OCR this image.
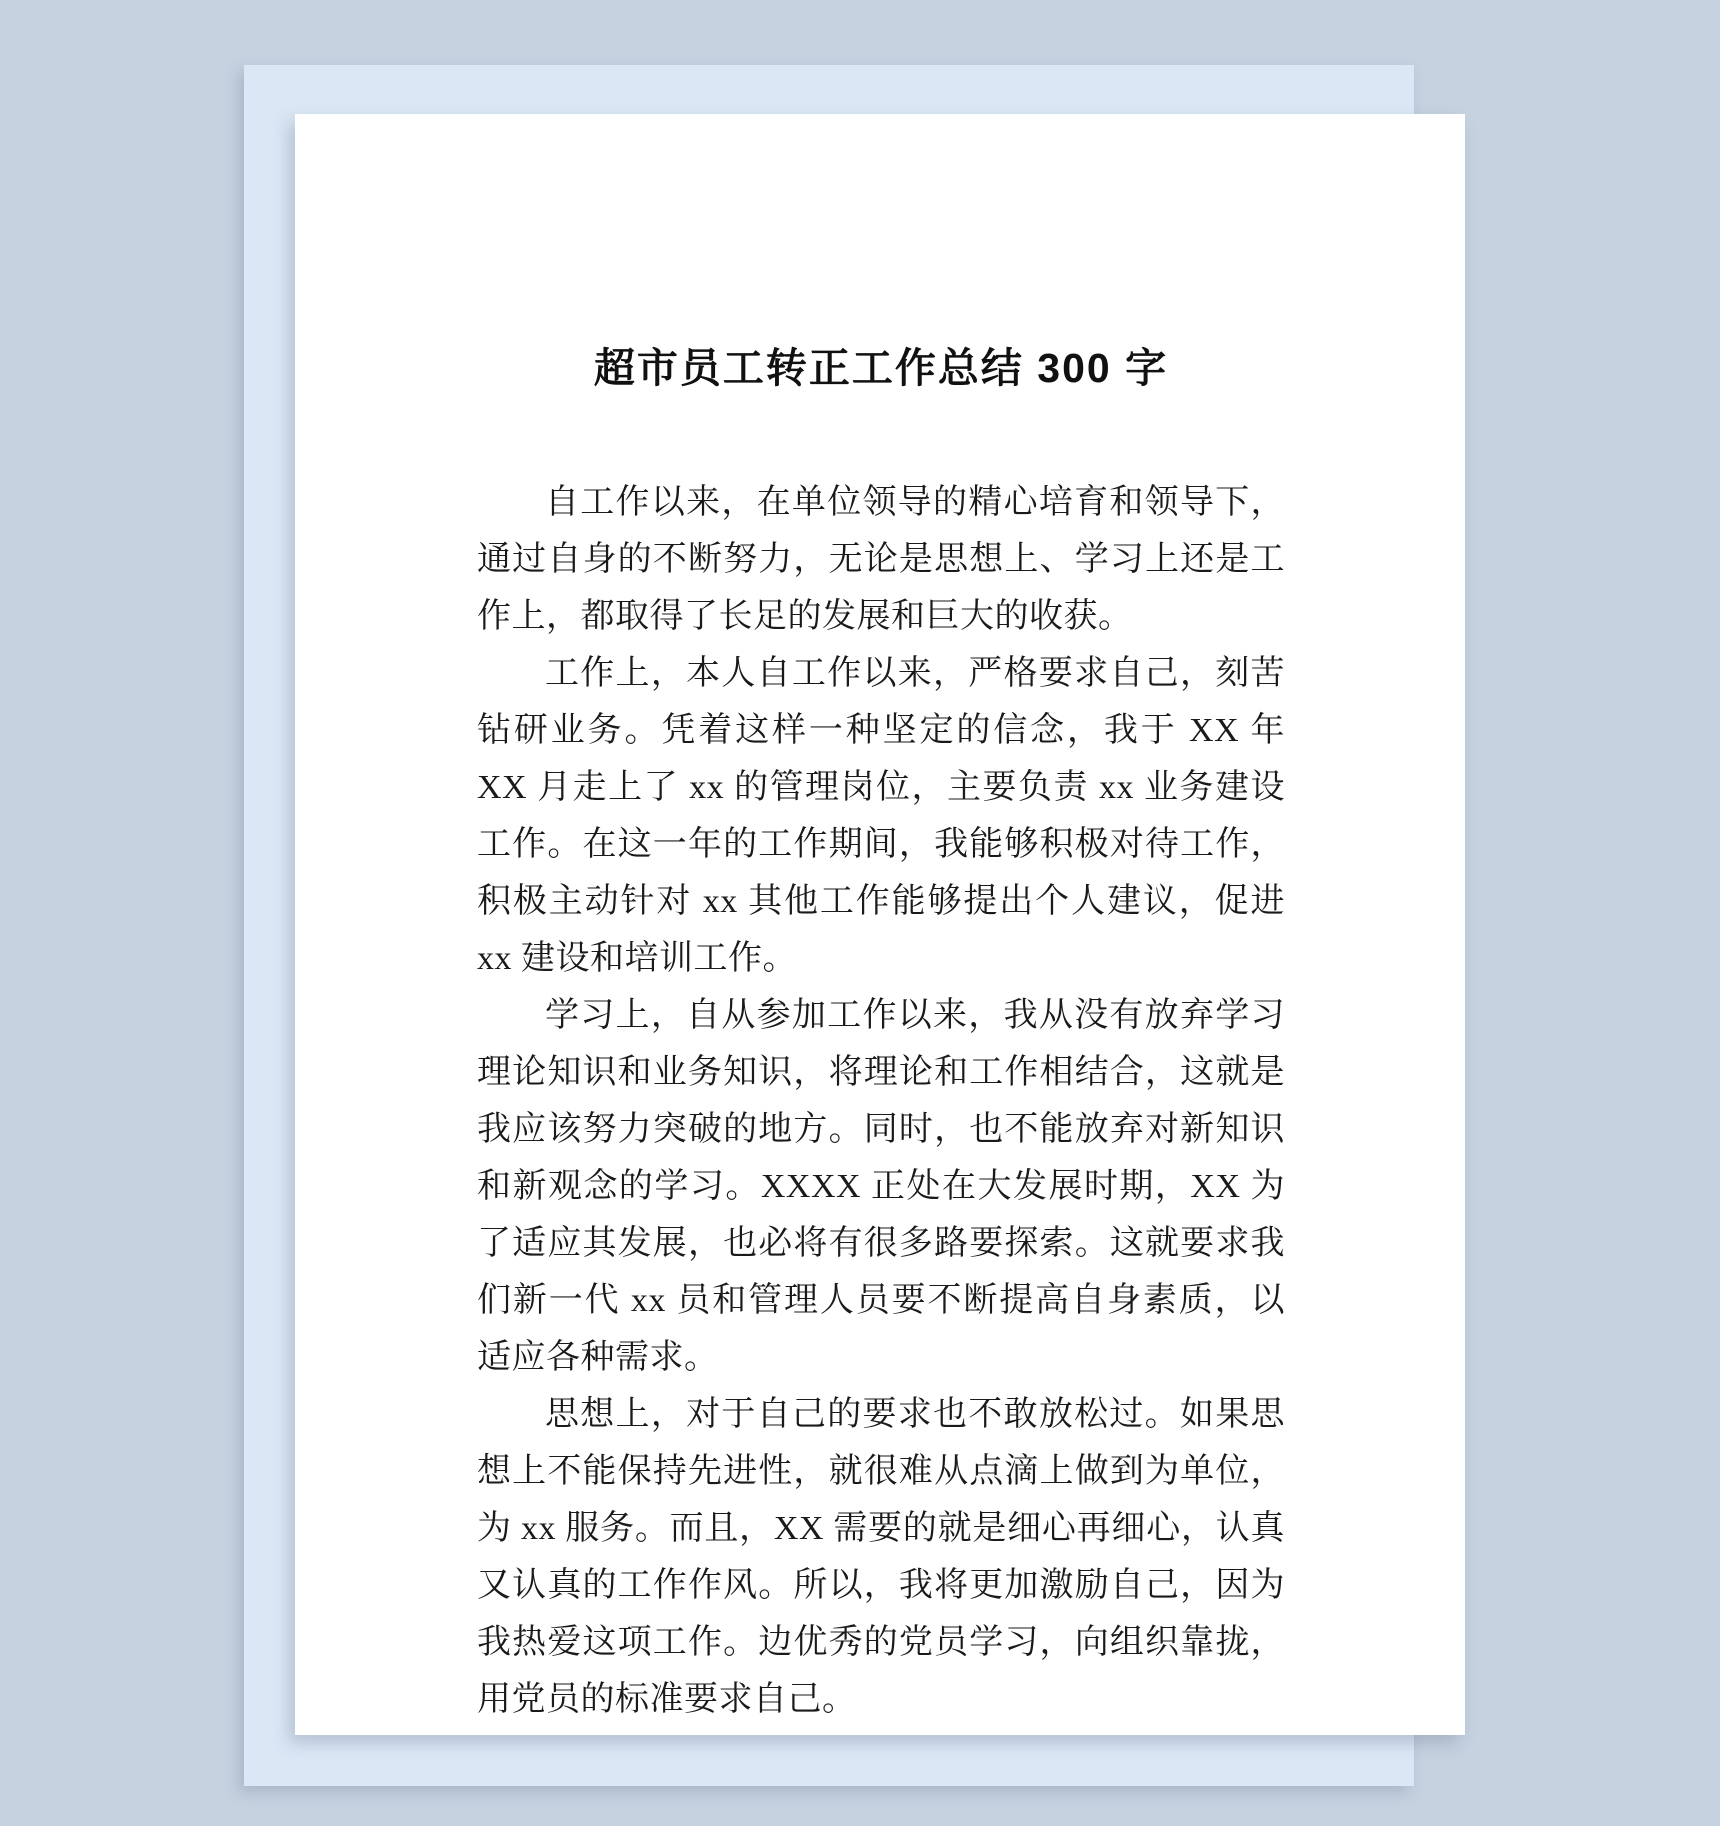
超市员工转正工作总结 300 字

自工作以来，在单位领导的精心培育和领导下，通过自身的不断努力，无论是思想上、学习上还是工作上，都取得了长足的发展和巨大的收获。

工作上，本人自工作以来，严格要求自己，刻苦钻研业务。凭着这样一种坚定的信念，我于 XX 年 XX 月走上了 xx 的管理岗位，主要负责 xx 业务建设工作。在这一年的工作期间，我能够积极对待工作，积极主动针对 xx 其他工作能够提出个人建议，促进 xx 建设和培训工作。

学习上，自从参加工作以来，我从没有放弃学习理论知识和业务知识，将理论和工作相结合，这就是我应该努力突破的地方。同时，也不能放弃对新知识和新观念的学习。XXXX 正处在大发展时期，XX 为了适应其发展，也必将有很多路要探索。这就要求我们新一代 xx 员和管理人员要不断提高自身素质，以适应各种需求。

思想上，对于自己的要求也不敢放松过。如果思想上不能保持先进性，就很难从点滴上做到为单位，为 xx 服务。而且，XX 需要的就是细心再细心，认真又认真的工作作风。所以，我将更加激励自己，因为我热爱这项工作。边优秀的党员学习，向组织靠拢，用党员的标准要求自己。
